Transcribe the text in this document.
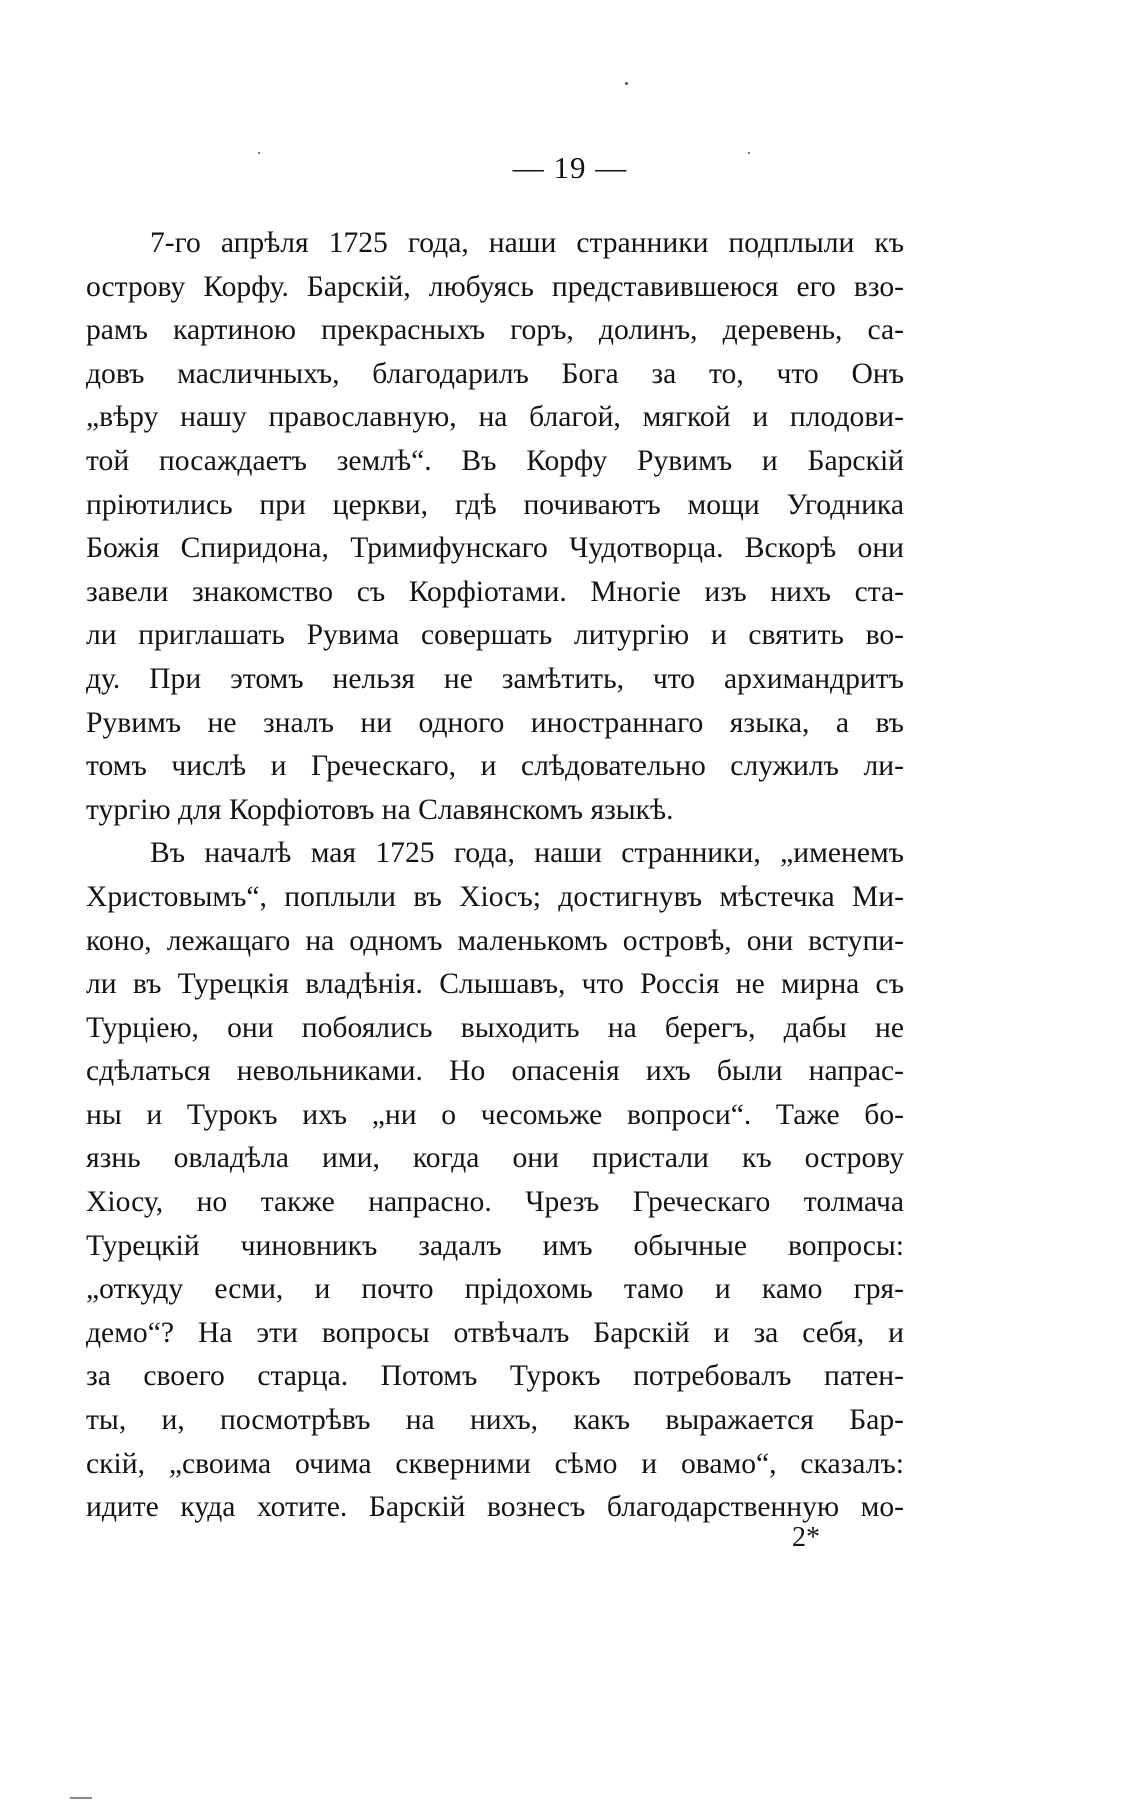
— 19 —
7-го апрѣля 1725 года, наши странники подплыли къ
острову Корфу. Барскій, любуясь представившеюся его взо-
рамъ картиною прекрасныхъ горъ, долинъ, деревень, са-
довъ масличныхъ, благодарилъ Бога за то, что Онъ
„вѣру нашу православную, на благой, мягкой и плодови-
той посаждаетъ землѣ“. Въ Корфу Рувимъ и Барскій
пріютились при церкви, гдѣ почиваютъ мощи Угодника
Божія Спиридона, Тримифунскаго Чудотворца. Вскорѣ они
завели знакомство съ Корфіотами. Многіе изъ нихъ ста-
ли приглашать Рувима совершать литургію и святить во-
ду. При этомъ нельзя не замѣтить, что архимандритъ
Рувимъ не зналъ ни одного иностраннаго языка, а въ
томъ числѣ и Греческаго, и слѣдовательно служилъ ли-
тургію для Корфіотовъ на Славянскомъ языкѣ.
Въ началѣ мая 1725 года, наши странники, „именемъ
Христовымъ“, поплыли въ Хіосъ; достигнувъ мѣстечка Ми-
коно, лежащаго на одномъ маленькомъ островѣ, они вступи-
ли въ Турецкія владѣнія. Слышавъ, что Россія не мирна съ
Турціею, они побоялись выходить на берегъ, дабы не
сдѣлаться невольниками. Но опасенія ихъ были напрас-
ны и Турокъ ихъ „ни о чесомьже вопроси“. Таже бо-
язнь овладѣла ими, когда они пристали къ острову
Хіосу, но также напрасно. Чрезъ Греческаго толмача
Турецкій чиновникъ задалъ имъ обычные вопросы:
„откуду есми, и почто прідохомь тамо и камо гря-
демо“? На эти вопросы отвѣчалъ Барскій и за себя, и
за своего старца. Потомъ Турокъ потребовалъ патен-
ты, и, посмотрѣвъ на нихъ, какъ выражается Бар-
скій, „своима очима скверними сѣмо и овамо“, сказалъ:
идите куда хотите. Барскій вознесъ благодарственную мо-
2*
